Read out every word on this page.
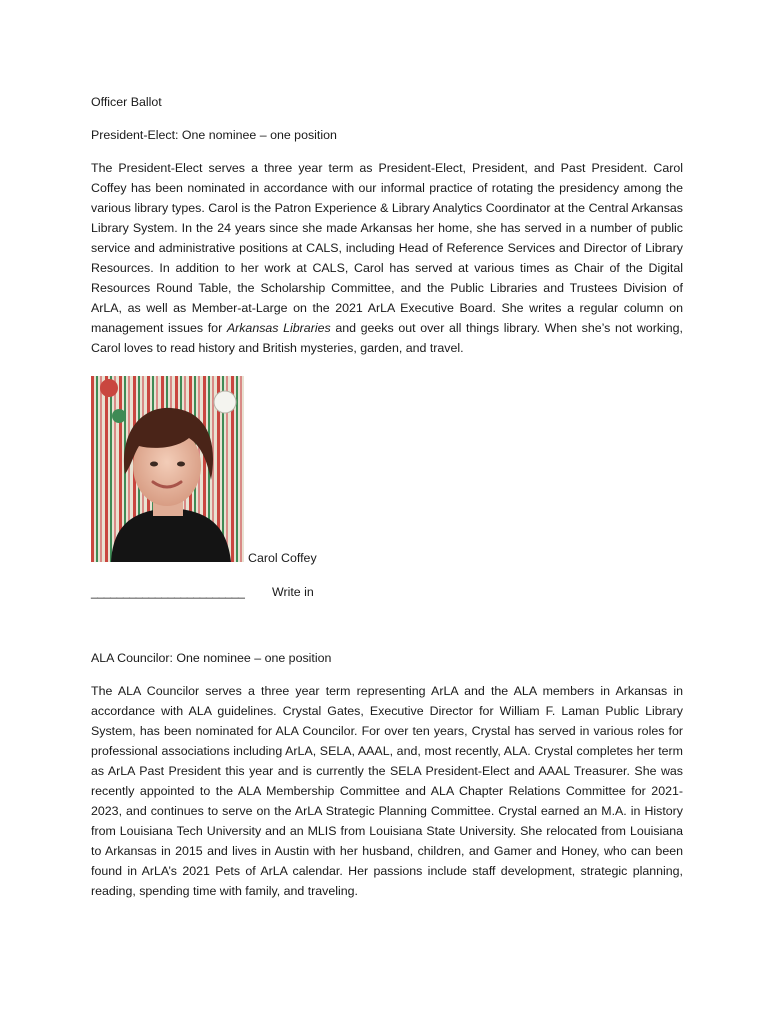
Officer Ballot

President-Elect: One nominee – one position

The President-Elect serves a three year term as President-Elect, President, and Past President. Carol Coffey has been nominated in accordance with our informal practice of rotating the presidency among the various library types. Carol is the Patron Experience & Library Analytics Coordinator at the Central Arkansas Library System. In the 24 years since she made Arkansas her home, she has served in a number of public service and administrative positions at CALS, including Head of Reference Services and Director of Library Resources. In addition to her work at CALS, Carol has served at various times as Chair of the Digital Resources Round Table, the Scholarship Committee, and the Public Libraries and Trustees Division of ArLA, as well as Member-at-Large on the 2021 ArLA Executive Board. She writes a regular column on management issues for Arkansas Libraries and geeks out over all things library. When she’s not working, Carol loves to read history and British mysteries, garden, and travel.

Carol Coffey
________________________ Write in

ALA Councilor: One nominee – one position

The ALA Councilor serves a three year term representing ArLA and the ALA members in Arkansas in accordance with ALA guidelines. Crystal Gates, Executive Director for William F. Laman Public Library System, has been nominated for ALA Councilor. For over ten years, Crystal has served in various roles for professional associations including ArLA, SELA, AAAL, and, most recently, ALA. Crystal completes her term as ArLA Past President this year and is currently the SELA President-Elect and AAAL Treasurer. She was recently appointed to the ALA Membership Committee and ALA Chapter Relations Committee for 2021-2023, and continues to serve on the ArLA Strategic Planning Committee. Crystal earned an M.A. in History from Louisiana Tech University and an MLIS from Louisiana State University. She relocated from Louisiana to Arkansas in 2015 and lives in Austin with her husband, children, and Gamer and Honey, who can been found in ArLA’s 2021 Pets of ArLA calendar. Her passions include staff development, strategic planning, reading, spending time with family, and traveling.
